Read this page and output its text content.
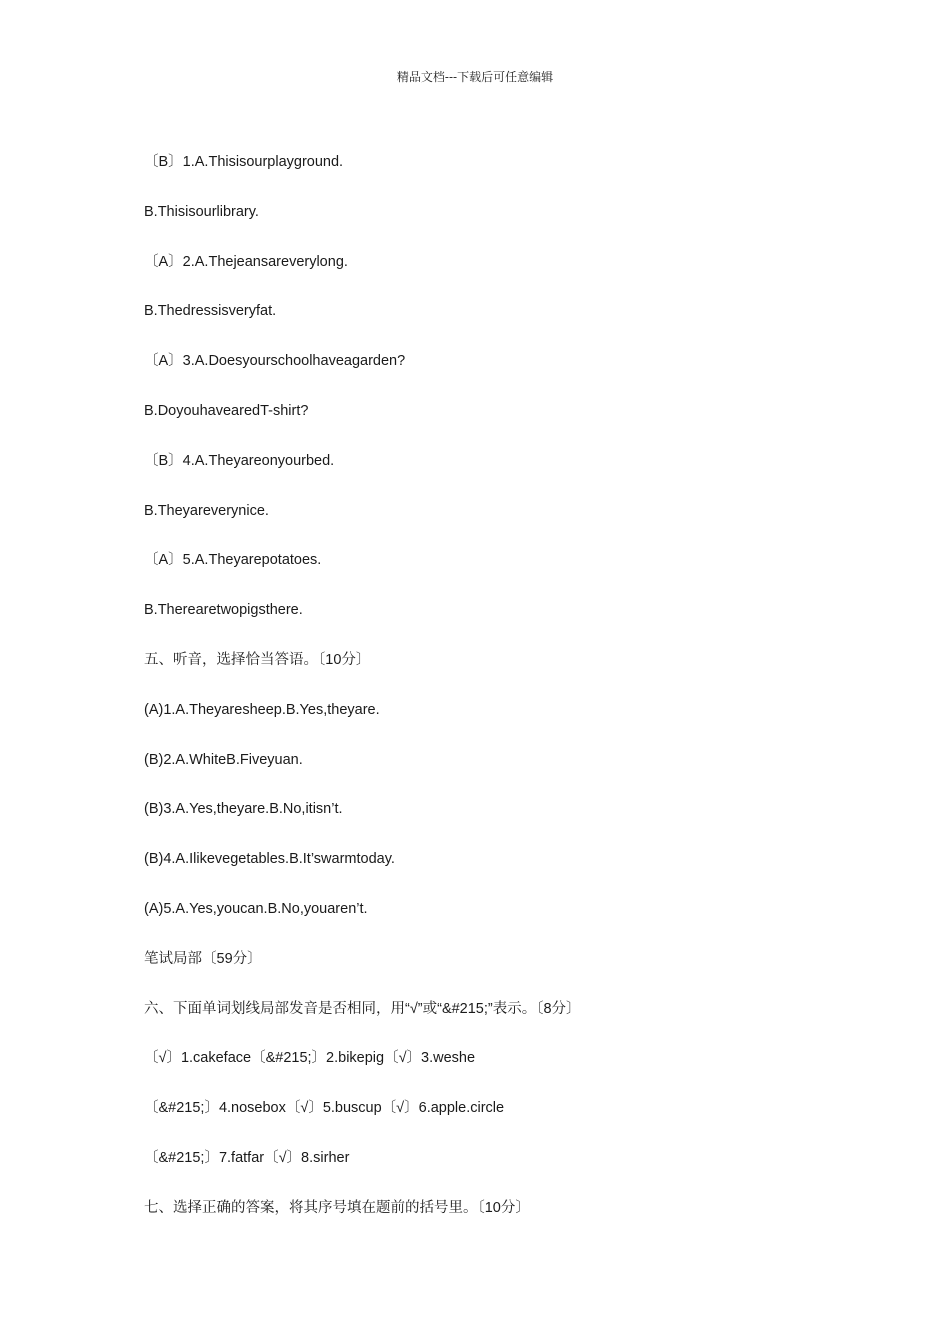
精品文档---下载后可任意编辑
〔B〕1.A.Thisisourplayground.
B.Thisisourlibrary.
〔A〕2.A.Thejeansareverylong.
B.Thedressisveryfat.
〔A〕3.A.Doesyourschoolhaveagarden?
B.DoyouhavearedT-shirt?
〔B〕4.A.Theyareonyourbed.
B.Theyareverynice.
〔A〕5.A.Theyarepotatoes.
B.Therearetwopigsthere.
五、听音，选择恰当答语。〔10分〕
(A)1.A.Theyaresheep.B.Yes,theyare.
(B)2.A.WhiteB.Fiveyuan.
(B)3.A.Yes,theyare.B.No,itisn’t.
(B)4.A.Ilikevegetables.B.It’swarmtoday.
(A)5.A.Yes,youcan.B.No,youaren’t.
笔试局部〔59分〕
六、下面单词划线局部发音是否相同，用“√”或“&#215;”表示。〔8分〕
〔√〕1.cakeface〔&#215;〕2.bikepig〔√〕3.weshe
〔&#215;〕4.nosebox〔√〕5.buscup〔√〕6.apple.circle
〔&#215;〕7.fatfar〔√〕8.sirher
七、选择正确的答案，将其序号填在题前的括号里。〔10分〕
